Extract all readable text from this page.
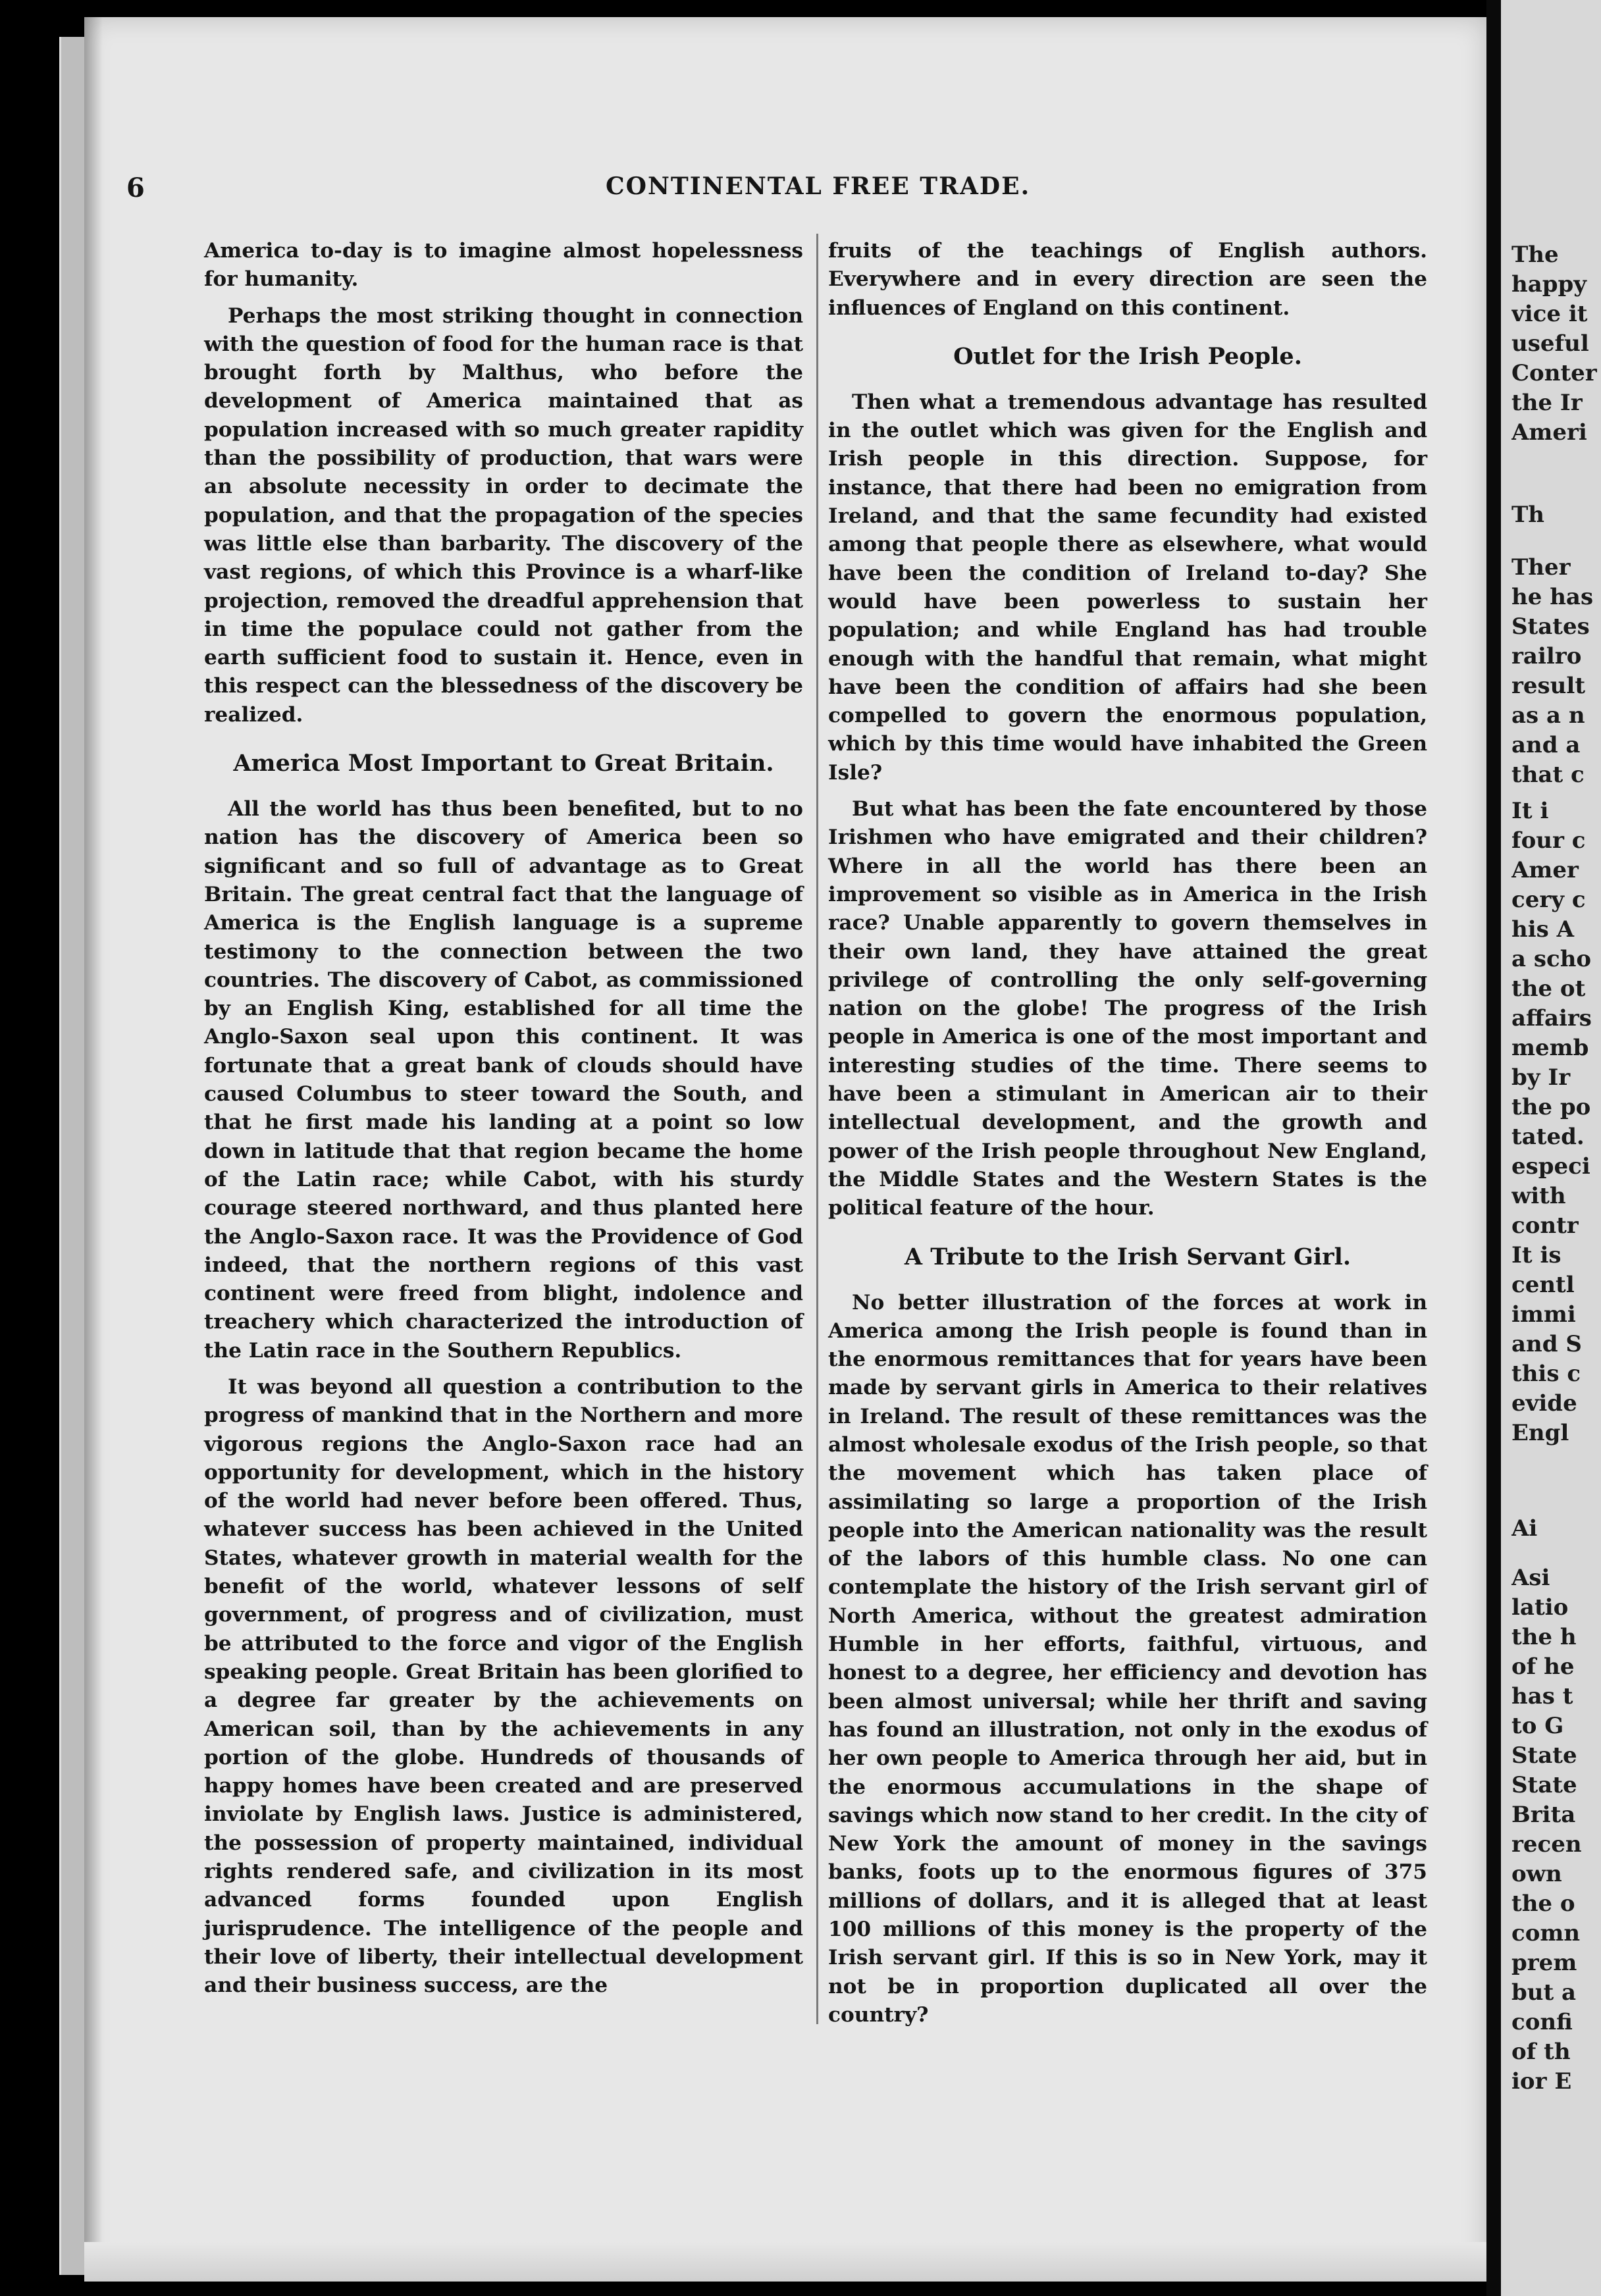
6	CONTINENTAL FREE TRADE.

America to-day is to imagine almost hopelessness for humanity.

Perhaps the most striking thought in connection with the question of food for the human race is that brought forth by Malthus, who before the development of America maintained that as population increased with so much greater rapidity than the possibility of production, that wars were an absolute necessity in order to decimate the population, and that the propagation of the species was little else than barbarity. The discovery of the vast regions, of which this Province is a wharf-like projection, removed the dreadful apprehension that in time the populace could not gather from the earth sufficient food to sustain it. Hence, even in this respect can the blessedness of the discovery be realized.

America Most Important to Great Britain.

All the world has thus been benefited, but to no nation has the discovery of America been so significant and so full of advantage as to Great Britain. The great central fact that the language of America is the English language is a supreme testimony to the connection between the two countries. The discovery of Cabot, as commissioned by an English King, established for all time the Anglo-Saxon seal upon this continent. It was fortunate that a great bank of clouds should have caused Columbus to steer toward the South, and that he first made his landing at a point so low down in latitude that that region became the home of the Latin race; while Cabot, with his sturdy courage steered northward, and thus planted here the Anglo-Saxon race. It was the Providence of God indeed, that the northern regions of this vast continent were freed from blight, indolence and treachery which characterized the introduction of the Latin race in the Southern Republics.

It was beyond all question a contribution to the progress of mankind that in the Northern and more vigorous regions the Anglo-Saxon race had an opportunity for development, which in the history of the world had never before been offered. Thus, whatever success has been achieved in the United States, whatever growth in material wealth for the benefit of the world, whatever lessons of self government, of progress and of civilization, must be attributed to the force and vigor of the English speaking people. Great Britain has been glorified to a degree far greater by the achievements on American soil, than by the achievements in any portion of the globe. Hundreds of thousands of happy homes have been created and are preserved inviolate by English laws. Justice is administered, the possession of property maintained, individual rights rendered safe, and civilization in its most advanced forms founded upon English jurisprudence. The intelligence of the people and their love of liberty, their intellectual development and their business success, are the

fruits of the teachings of English authors. Everywhere and in every direction are seen the influences of England on this continent.

Outlet for the Irish People.

Then what a tremendous advantage has resulted in the outlet which was given for the English and Irish people in this direction. Suppose, for instance, that there had been no emigration from Ireland, and that the same fecundity had existed among that people there as elsewhere, what would have been the condition of Ireland to-day? She would have been powerless to sustain her population; and while England has had trouble enough with the handful that remain, what might have been the condition of affairs had she been compelled to govern the enormous population, which by this time would have inhabited the Green Isle?

But what has been the fate encountered by those Irishmen who have emigrated and their children? Where in all the world has there been an improvement so visible as in America in the Irish race? Unable apparently to govern themselves in their own land, they have attained the great privilege of controlling the only self-governing nation on the globe! The progress of the Irish people in America is one of the most important and interesting studies of the time. There seems to have been a stimulant in American air to their intellectual development, and the growth and power of the Irish people throughout New England, the Middle States and the Western States is the political feature of the hour.

A Tribute to the Irish Servant Girl.

No better illustration of the forces at work in America among the Irish people is found than in the enormous remittances that for years have been made by servant girls in America to their relatives in Ireland. The result of these remittances was the almost wholesale exodus of the Irish people, so that the movement which has taken place of assimilating so large a proportion of the Irish people into the American nationality was the result of the labors of this humble class. No one can contemplate the history of the Irish servant girl of North America, without the greatest admiration Humble in her efforts, faithful, virtuous, and honest to a degree, her efficiency and devotion has been almost universal; while her thrift and saving has found an illustration, not only in the exodus of her own people to America through her aid, but in the enormous accumulations in the shape of savings which now stand to her credit. In the city of New York the amount of money in the savings banks, foots up to the enormous figures of 375 millions of dollars, and it is alleged that at least 100 millions of this money is the property of the Irish servant girl. If this is so in New York, may it not be in proportion duplicated all over the country?

The
happy
vice it
useful
Conter
the Ir
Ameri
Th
Ther
he has
States
railro
result
as a n
and a
that c
It i
four c
Amer
cery c
his A
a scho
the ot
affairs
memb
by Ir
the po
tated.
especi
with
contr
It is
centl
immi
and S
this c
evide
Engl
Ai
Asi
latio
the h
of he
has t
to G
State
State
Brita
recen
own
the o
comn
prem
but a
confi
of th
ior E
